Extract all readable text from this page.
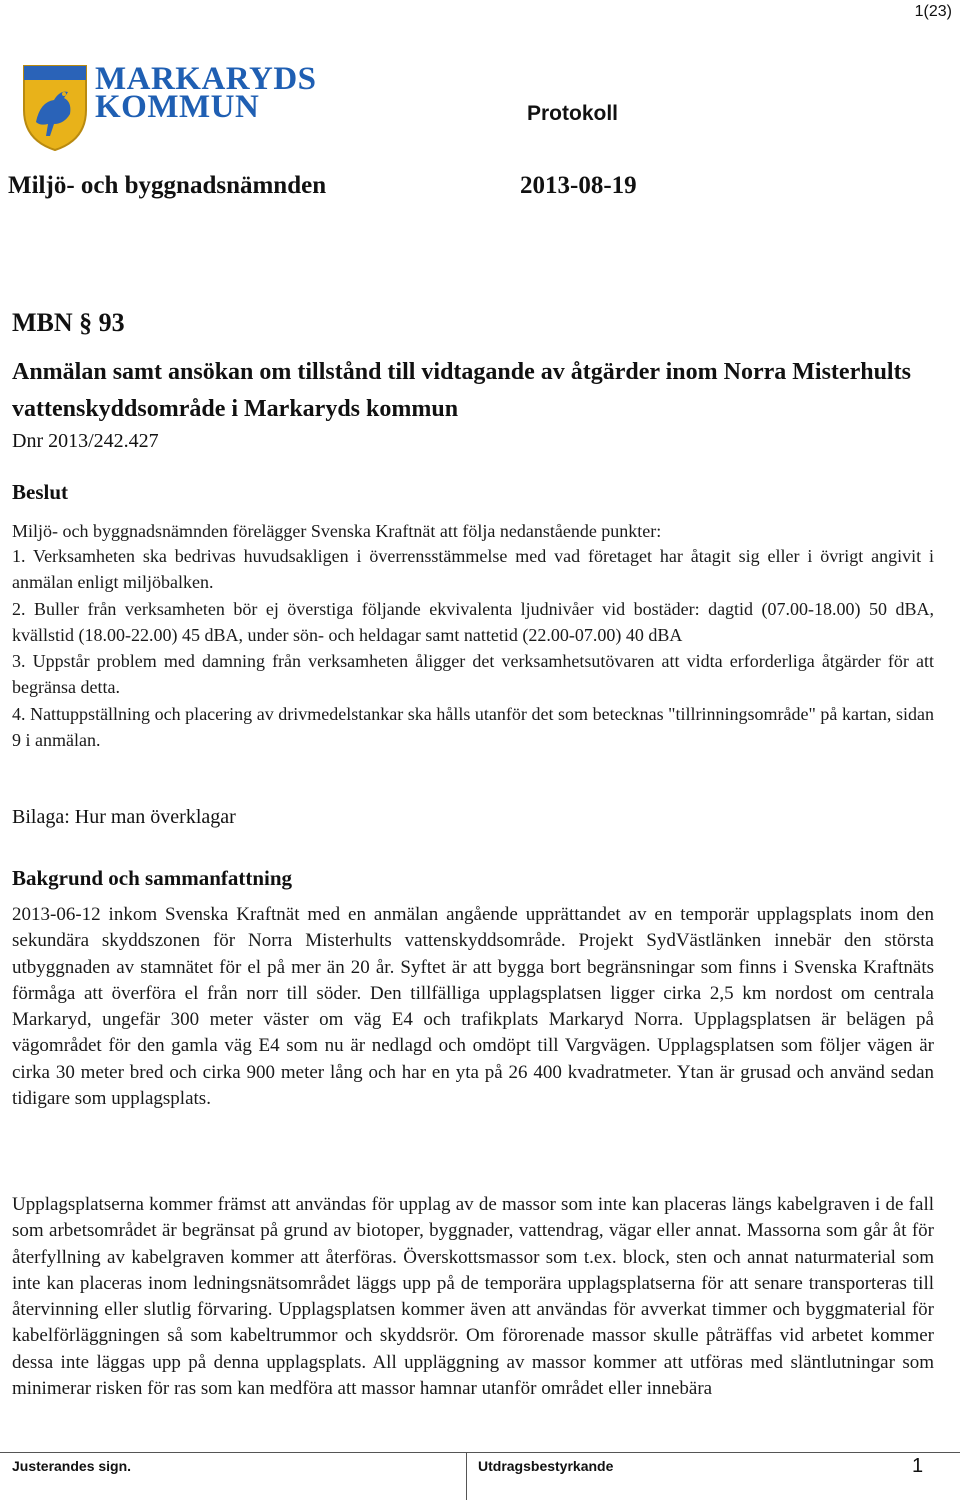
1(23)
MARKARYDS
KOMMUN	Protokoll
Miljö- och byggnadsnämnden	2013-08-19
MBN § 93
Anmälan samt ansökan om tillstånd till vidtagande av åtgärder inom Norra Misterhults vattenskyddsområde i Markaryds kommun
Dnr 2013/242.427
Beslut
Miljö- och byggnadsnämnden förelägger Svenska Kraftnät att följa nedanstående punkter:

1. Verksamheten ska bedrivas huvudsakligen i överrensstämmelse med vad företaget har åtagit sig eller i övrigt angivit i anmälan enligt miljöbalken.

2. Buller från verksamheten bör ej överstiga följande ekvivalenta ljudnivåer vid bostäder: dagtid (07.00-18.00) 50 dBA, kvällstid (18.00-22.00) 45 dBA, under sön- och heldagar samt nattetid (22.00-07.00) 40 dBA

3. Uppstår problem med damning från verksamheten åligger det verksamhetsutövaren att vidta erforderliga åtgärder för att begränsa detta.

4. Nattuppställning och placering av drivmedelstankar ska hålls utanför det som betecknas "tillrinningsområde" på kartan, sidan 9 i anmälan.

Bilaga: Hur man överklagar
Bakgrund och sammanfattning
2013-06-12 inkom Svenska Kraftnät med en anmälan angående upprättandet av en temporär upplagsplats inom den sekundära skyddszonen för Norra Misterhults vattenskyddsområde. Projekt SydVästlänken innebär den största utbyggnaden av stamnätet för el på mer än 20 år. Syftet är att bygga bort begränsningar som finns i Svenska Kraftnäts förmåga att överföra el från norr till söder. Den tillfälliga upplagsplatsen ligger cirka 2,5 km nordost om centrala Markaryd, ungefär 300 meter väster om väg E4 och trafikplats Markaryd Norra. Upplagsplatsen är belägen på vägområdet för den gamla väg E4 som nu är nedlagd och omdöpt till Vargvägen. Upplagsplatsen som följer vägen är cirka 30 meter bred och cirka 900 meter lång och har en yta på 26 400 kvadratmeter. Ytan är grusad och använd sedan tidigare som upplagsplats.
Upplagsplatserna kommer främst att användas för upplag av de massor som inte kan placeras längs kabelgraven i de fall som arbetsområdet är begränsat på grund av biotoper, byggnader, vattendrag, vägar eller annat. Massorna som går åt för återfyllning av kabelgraven kommer att återföras. Överskottsmassor som t.ex. block, sten och annat naturmaterial som inte kan placeras inom ledningsnätsområdet läggs upp på de temporära upplagsplatserna för att senare transporteras till återvinning eller slutlig förvaring. Upplagsplatsen kommer även att användas för avverkat timmer och byggmaterial för kabelförläggningen så som kabeltrummor och skyddsrör. Om förorenade massor skulle påträffas vid arbetet kommer dessa inte läggas upp på denna upplagsplats. All uppläggning av massor kommer att utföras med släntlutningar som minimerar risken för ras som kan medföra att massor hamnar utanför området eller innebära
Justerandes sign.	Utdragsbestyrkande	1
